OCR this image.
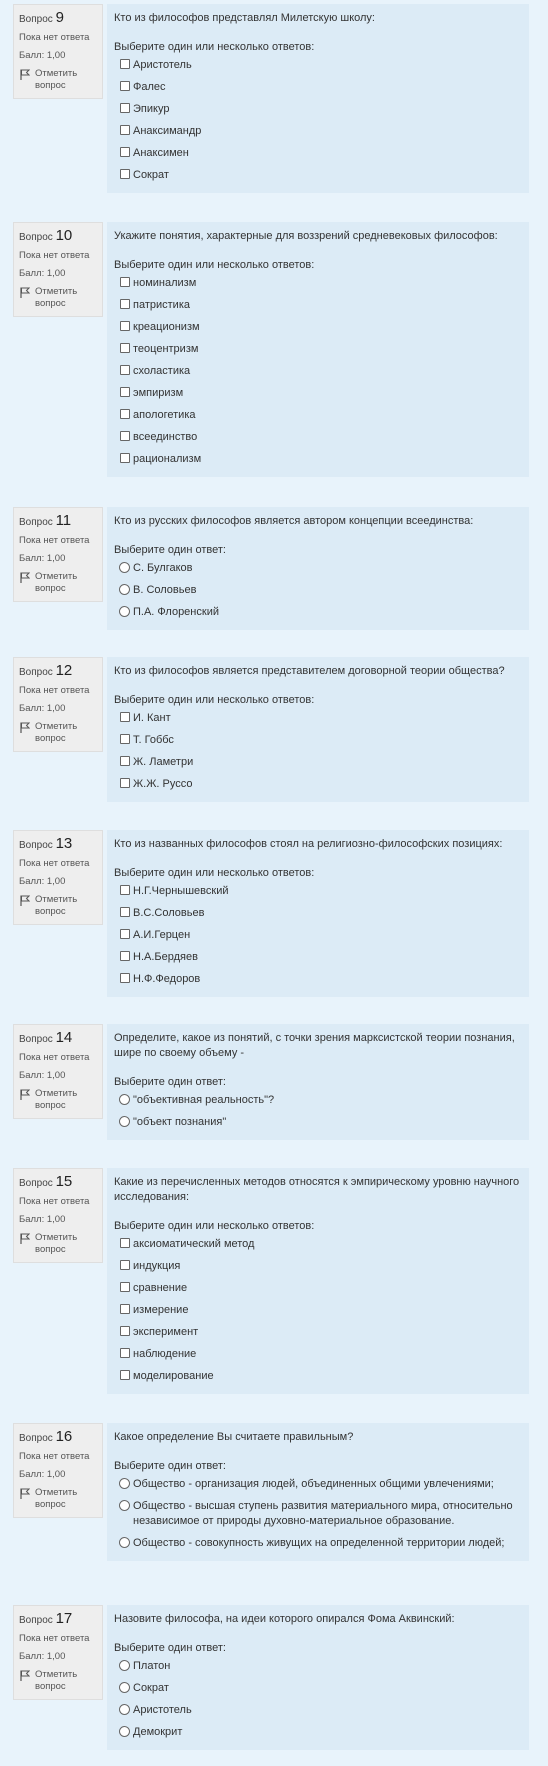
Вопрос 9
Пока нет ответа
Балл: 1,00
Отметить вопрос
Кто из философов представлял Милетскую школу:
Выберите один или несколько ответов:
Аристотель
Фалес
Эпикур
Анаксимандр
Анаксимен
Сократ
Вопрос 10
Пока нет ответа
Балл: 1,00
Отметить вопрос
Укажите понятия, характерные для воззрений средневековых философов:
Выберите один или несколько ответов:
номинализм
патристика
креационизм
теоцентризм
схоластика
эмпиризм
апологетика
всеединство
рационализм
Вопрос 11
Пока нет ответа
Балл: 1,00
Отметить вопрос
Кто из русских философов является автором концепции всеединства:
Выберите один ответ:
С. Булгаков
В. Соловьев
П.А. Флоренский
Вопрос 12
Пока нет ответа
Балл: 1,00
Отметить вопрос
Кто из философов является представителем договорной теории общества?
Выберите один или несколько ответов:
И. Кант
Т. Гоббс
Ж. Ламетри
Ж.Ж. Руссо
Вопрос 13
Пока нет ответа
Балл: 1,00
Отметить вопрос
Кто из названных философов стоял на религиозно-философских позициях:
Выберите один или несколько ответов:
Н.Г.Чернышевский
В.С.Соловьев
А.И.Герцен
Н.А.Бердяев
Н.Ф.Федоров
Вопрос 14
Пока нет ответа
Балл: 1,00
Отметить вопрос
Определите, какое из понятий, с точки зрения марксистской теории познания, шире по своему объему -
Выберите один ответ:
"объективная реальность"?
"объект познания"
Вопрос 15
Пока нет ответа
Балл: 1,00
Отметить вопрос
Какие из перечисленных методов относятся к эмпирическому уровню научного исследования:
Выберите один или несколько ответов:
аксиоматический метод
индукция
сравнение
измерение
эксперимент
наблюдение
моделирование
Вопрос 16
Пока нет ответа
Балл: 1,00
Отметить вопрос
Какое определение Вы считаете правильным?
Выберите один ответ:
Общество - организация людей, объединенных общими увлечениями;
Общество - высшая ступень развития материального мира, относительно независимое от природы духовно-материальное образование.
Общество - совокупность живущих на определенной территории людей;
Вопрос 17
Пока нет ответа
Балл: 1,00
Отметить вопрос
Назовите философа, на идеи которого опирался Фома Аквинский:
Выберите один ответ:
Платон
Сократ
Аристотель
Демокрит
